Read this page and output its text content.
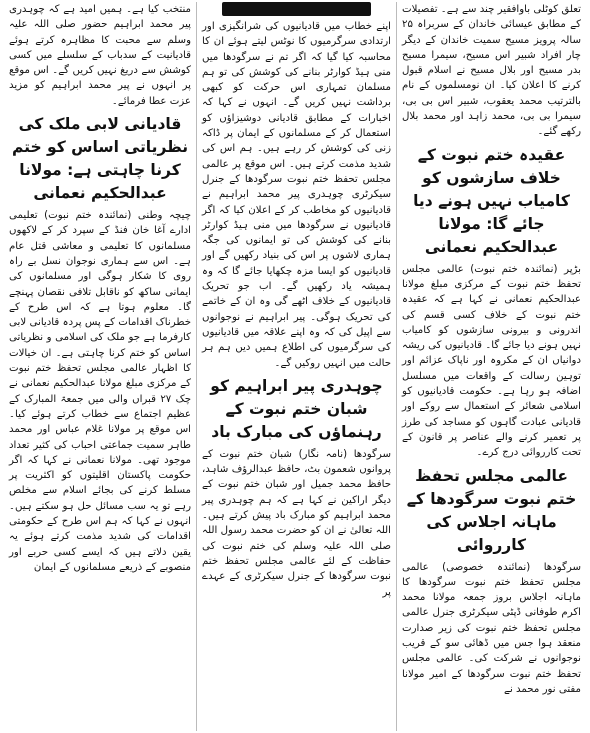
تعلق کوٹلی باوافقیر چند سے ہے۔ تفصیلات کے مطابق عیسائی خاندان کے سربراہ ۲۵ سالہ پرویز مسیح سمیت خاندان کے دیگر چار افراد شبیر اس مسیح، سیمرا مسیح بدر مسیح اور بلال مسیح نے اسلام قبول کرنے کا اعلان کیا۔ ان نومسلموں کے نام بالترتیب محمد یعقوب، شبیر اس بی بی، سیمرا بی بی، محمد زاہد اور محمد بلال رکھے گئے۔

عقیدہ ختم نبوت کے خلاف سازشوں کو کامیاب نہیں ہونے دیا جائے گا: مولانا عبدالحکیم نعمانی

بڑپر (نمائندہ ختم نبوت) عالمی مجلس تحفظ ختم نبوت کے مرکزی مبلغ مولانا عبدالحکیم نعمانی نے کہا ہے کہ عقیدہ ختم نبوت کے خلاف کسی قسم کی اندرونی و بیرونی سازشوں کو کامیاب نہیں ہونے دیا جائے گا۔ قادیانیوں کی ریشہ دوانیاں ان کے مکروہ اور ناپاک عزائم اور توہین رسالت کے واقعات میں مسلسل اضافہ ہو رہا ہے۔ حکومت قادیانیوں کو اسلامی شعائر کے استعمال سے روکے اور قادیانی عبادت گاہوں کو مساجد کی طرز پر تعمیر کرنے والے عناصر پر قانون کے تحت کارروائی درج کرے۔

عالمی مجلس تحفظ ختم نبوت سرگودھا کے ماہانہ اجلاس کی کارروائی

سرگودھا (نمائندہ خصوصی) عالمی مجلس تحفظ ختم نبوت سرگودھا کا ماہانہ اجلاس بروز جمعہ مولانا محمد اکرم طوفانی ڈپٹی سیکرٹری جنرل عالمی مجلس تحفظ ختم نبوت کی زیر صدارت منعقد ہوا جس میں ڈھائی سو کے قریب نوجوانوں نے شرکت کی۔ عالمی مجلس تحفظ ختم نبوت سرگودھا کے امیر مولانا مفتی نور محمد نے

اپنے خطاب میں قادیانیوں کی شرانگیزی اور ارتدادی سرگرمیوں کا نوٹس لیتے ہوئے ان کا محاسبہ کیا گیا کہ اگر تم نے سرگودھا میں منی ہیڈ کوارٹر بنانے کی کوشش کی تو ہم مسلمان تمہاری اس حرکت کو کبھی برداشت نہیں کریں گے۔ انہوں نے کہا کہ اخبارات کے مطابق قادیانی دوشیزاؤں کو استعمال کر کے مسلمانوں کے ایمان پر ڈاکہ زنی کی کوشش کر رہے ہیں۔ ہم اس کی شدید مذمت کرتے ہیں۔ اس موقع پر عالمی مجلس تحفظ ختم نبوت سرگودھا کے جنرل سیکرٹری چوہدری پیر محمد ابراہیم نے قادیانیوں کو مخاطب کر کے اعلان کیا کہ اگر قادیانیوں نے سرگودھا میں منی ہیڈ کوارٹر بنانے کی کوشش کی تو ایمانوں کی جگہ ہماری لاشوں پر اس کی بنیاد رکھیں گے اور قادیانیوں کو ایسا مزہ چکھایا جائے گا کہ وہ ہمیشہ یاد رکھیں گے۔ اب جو تحریک قادیانیوں کے خلاف اٹھے گی وہ ان کے خاتمے کی تحریک ہوگی۔ پیر ابراہیم نے نوجوانوں سے اپیل کی کہ وہ اپنے علاقہ میں قادیانیوں کی سرگرمیوں کی اطلاع ہمیں دیں ہم ہر حالت میں انہیں روکیں گے۔

چوہدری پیر ابراہیم کو شبان ختم نبوت کے رہنماؤں کی مبارک باد

سرگودھا (نامہ نگار) شبان ختم نبوت کے پروانوں شعمون بٹ، حافظ عبدالرؤف شاہد، حافظ محمد جمیل اور شبان ختم نبوت کے دیگر اراکین نے کہا ہے کہ ہم چوہدری پیر محمد ابراہیم کو مبارک باد پیش کرتے ہیں۔ اللہ تعالیٰ نے ان کو حضرت محمد رسول اللہ صلی اللہ علیہ وسلم کی ختم نبوت کی حفاظت کے لئے عالمی مجلس تحفظ ختم نبوت سرگودھا کے جنرل سیکرٹری کے عہدے پر

منتخب کیا ہے۔ ہمیں امید ہے کہ چوہدری پیر محمد ابراہیم حضور صلی اللہ علیہ وسلم سے محبت کا مظاہرہ کرتے ہوئے قادیانیت کے سدباب کے سلسلے میں کسی کوشش سے دریغ نہیں کریں گے۔ اس موقع پر انہوں نے پیر محمد ابراہیم کو مزید عزت عطا فرمائے۔

قادیانی لابی ملک کی نظریاتی اساس کو ختم کرنا چاہتی ہے: مولانا عبدالحکیم نعمانی

چیچہ وطنی (نمائندہ ختم نبوت) تعلیمی ادارے آغا خان فنڈ کے سپرد کر کے لاکھوں مسلمانوں کا تعلیمی و معاشی قتل عام ہے۔ اس سے ہماری نوجوان نسل بے راہ روی کا شکار ہوگی اور مسلمانوں کی ایمانی ساکھ کو ناقابل تلافی نقصان پہنچے گا۔ معلوم ہوتا ہے کہ اس طرح کے خطرناک اقدامات کے پس پردہ قادیانی لابی کارفرما ہے جو ملک کی اسلامی و نظریاتی اساس کو ختم کرنا چاہتی ہے۔ ان خیالات کا اظہار عالمی مجلس تحفظ ختم نبوت کے مرکزی مبلغ مولانا عبدالحکیم نعمانی نے چک ۲۷ قبراں والی میں جمعۃ المبارک کے عظیم اجتماع سے خطاب کرتے ہوئے کیا۔ اس موقع پر مولانا غلام عباس اور محمد طاہر سمیت جماعتی احباب کی کثیر تعداد موجود تھی۔ مولانا نعمانی نے کہا کہ اگر حکومت پاکستان اقلیتوں کو اکثریت پر مسلط کرنے کی بجائے اسلام سے مخلص رہے تو یہ سب مسائل حل ہو سکتے ہیں۔ انہوں نے کہا کہ ہم اس طرح کے حکومتی اقدامات کی شدید مذمت کرتے ہوئے یہ یقین دلاتے ہیں کہ ایسے کسی حربے اور منصوبے کے ذریعے مسلمانوں کے ایمان
